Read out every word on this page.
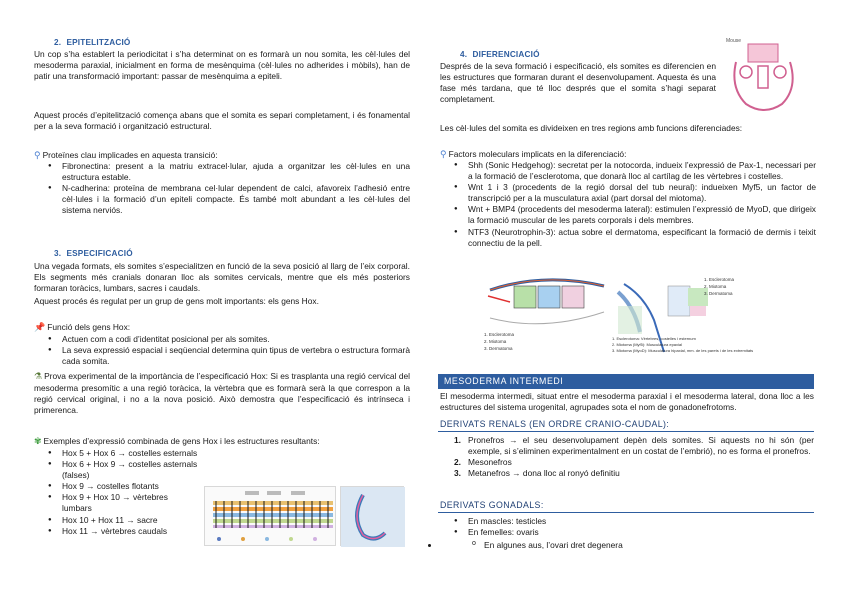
2. EPITELITZACIÓ

Un cop s’ha establert la periodicitat i s’ha determinat on es formarà un nou somita, les cèl·lules del mesoderma paraxial, inicialment en forma de mesènquima (cèl·lules no adherides i mòbils), han de patir una transformació important: passar de mesènquima a epiteli.

Aquest procés d’epitelització comença abans que el somita es separi completament, i és fonamental per a la seva formació i organització estructural.

⚲ Proteïnes clau implicades en aquesta transició:
● Fibronectina: present a la matriu extracel·lular, ajuda a organitzar les cèl·lules en una estructura estable.
● N-cadherina: proteïna de membrana cel·lular dependent de calci, afavoreix l’adhesió entre cèl·lules i la formació d’un epiteli compacte. És també molt abundant a les cèl·lules del sistema nerviós.
3. ESPECIFICACIÓ

Una vegada formats, els somites s’especialitzen en funció de la seva posició al llarg de l’eix corporal. Els segments més cranials donaran lloc als somites cervicals, mentre que els més posteriors formaran toràcics, lumbars, sacres i caudals.

Aquest procés és regulat per un grup de gens molt importants: els gens Hox.

📌 Funció dels gens Hox:
● Actuen com a codi d’identitat posicional per als somites.
● La seva expressió espacial i seqüencial determina quin tipus de vertebra o estructura formarà cada somita.

⚗ Prova experimental de la importància de l’especificació Hox: Si es trasplanta una regió cervical del mesoderma presomític a una regió toràcica, la vèrtebra que es formarà serà la que correspon a la regió cervical original, i no a la nova posició. Això demostra que l’especificació és intrínseca i primerenca.

✾ Exemples d’expressió combinada de gens Hox i les estructures resultants:
● Hox 5 + Hox 6 → costelles esternals
● Hox 6 + Hox 9 → costelles asternals (falses)
● Hox 9 → costelles flotants
● Hox 9 + Hox 10 → vèrtebres lumbars
● Hox 10 + Hox 11 → sacre
● Hox 11 → vèrtebres caudals
4. DIFERENCIACIÓ

Després de la seva formació i especificació, els somites es diferencien en les estructures que formaran durant el desenvolupament. Aquesta és una fase més tardana, que té lloc després que el somita s’hagi separat completament.

Mouse

Les cèl·lules del somita es divideixen en tres regions amb funcions diferenciades:

⚲ Factors moleculars implicats en la diferenciació:
● Shh (Sonic Hedgehog): secretat per la notocorda, indueix l’expressió de Pax-1, necessari per a la formació de l’esclerotoma, que donarà lloc al cartílag de les vèrtebres i costelles.
● Wnt 1 i 3 (procedents de la regió dorsal del tub neural): indueixen Myf5, un factor de transcripció per a la musculatura axial (part dorsal del miotoma).
● Wnt + BMP4 (procedents del mesoderma lateral): estimulen l’expressió de MyoD, que dirigeix la formació muscular de les parets corporals i dels membres.
● NTF3 (Neurotrophin-3): actua sobre el dermatoma, especificant la formació de dermis i teixit connectiu de la pell.
1. Esclerotoma
2. Miotoma
3. Dermatoma
1. Esclerotoma
2. Miotoma
3. Dermatoma
1. Esclerotoma: Vèrtebres, costelles i esternum
2. Miotoma (Myf5): Musculatura epaxial
3. Miotoma (MyoD): Musculatura hipaxial, mm. de les parets i de les extremitats
MESODERMA INTERMEDI

El mesoderma intermedi, situat entre el mesoderma paraxial i el mesoderma lateral, dona lloc a les estructures del sistema urogenital, agrupades sota el nom de gonadonefrotoms.

DERIVATS RENALS (EN ORDRE CRANIO-CAUDAL):
1. Pronefros → el seu desenvolupament depèn dels somites. Si aquests no hi són (per exemple, si s’eliminen experimentalment en un costat de l’embrió), no es forma el pronefros.
2. Mesonefros
3. Metanefros → dona lloc al ronyó definitiu
DERIVATS GONADALS:
● En mascles: testicles
● En femelles: ovaris
o • En algunes aus, l’ovari dret degenera
